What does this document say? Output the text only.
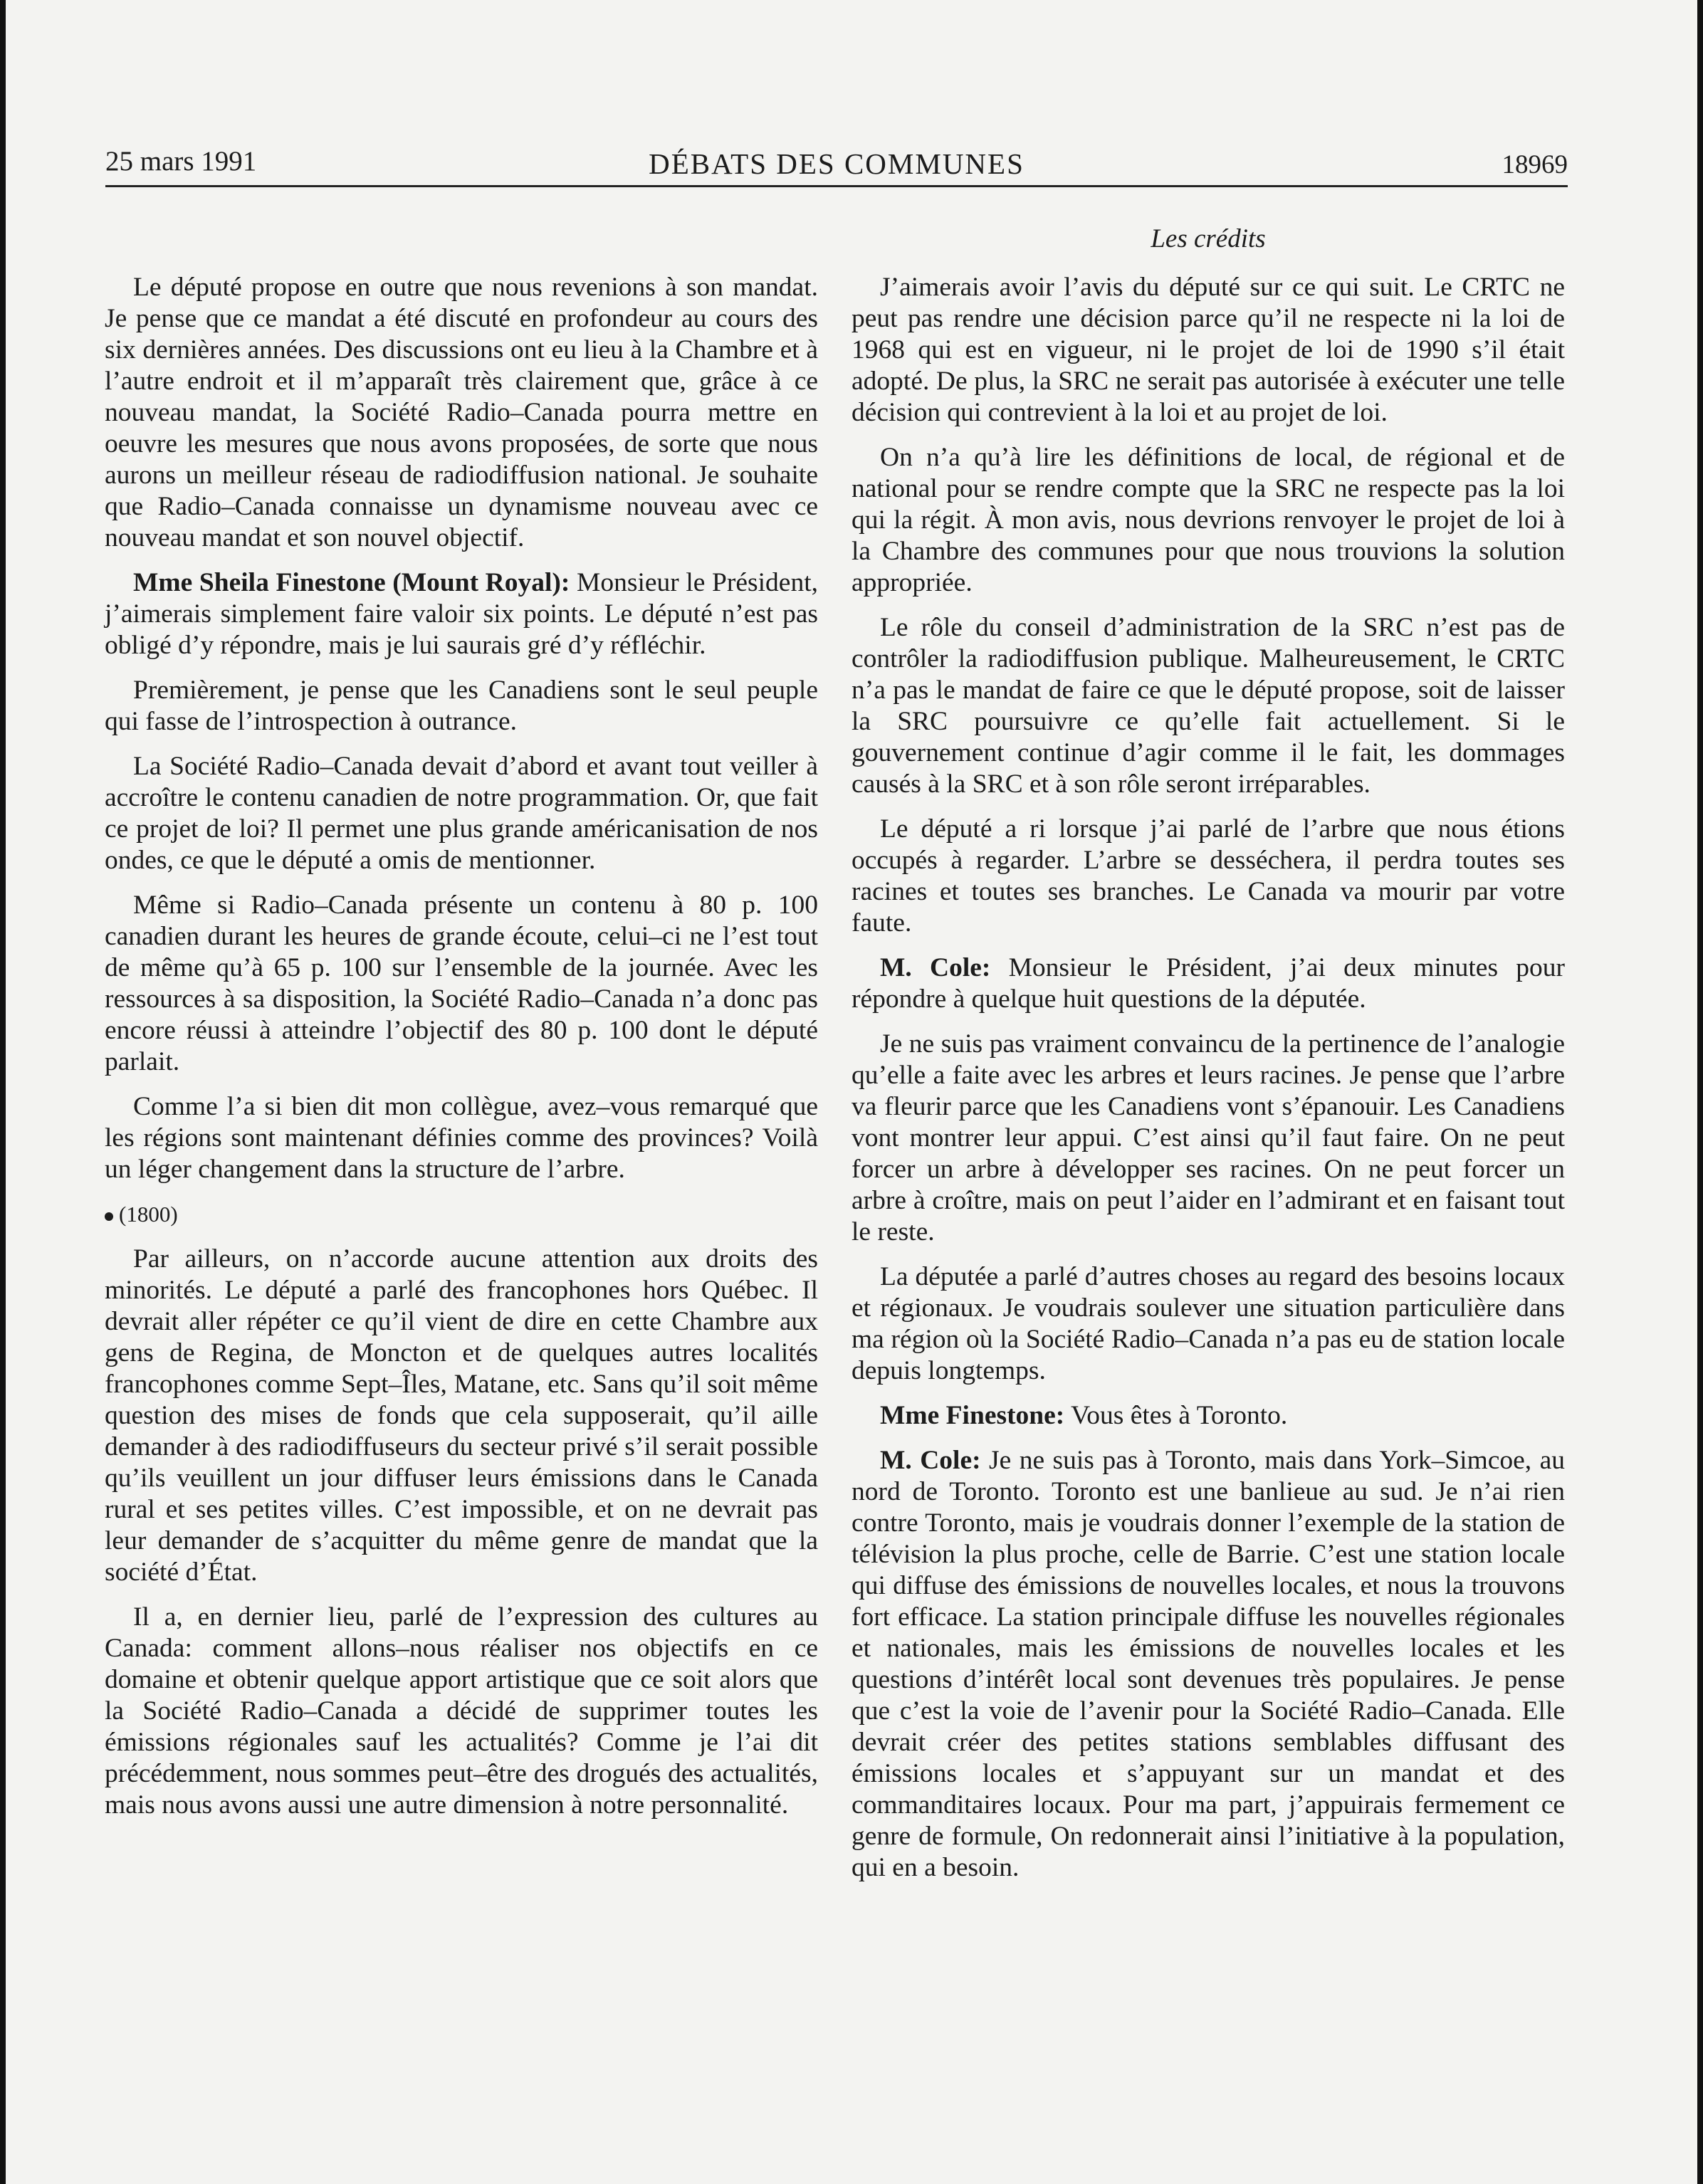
25 mars 1991	DÉBATS DES COMMUNES	18969
Les crédits

Le député propose en outre que nous revenions à son mandat. Je pense que ce mandat a été discuté en profondeur au cours des six dernières années. Des discussions ont eu lieu à la Chambre et à l’autre endroit et il m’apparaît très clairement que, grâce à ce nouveau mandat, la Société Radio–Canada pourra mettre en oeuvre les mesures que nous avons proposées, de sorte que nous aurons un meilleur réseau de radiodiffusion national. Je souhaite que Radio–Canada connaisse un dynamisme nouveau avec ce nouveau mandat et son nouvel objectif.

Mme Sheila Finestone (Mount Royal): Monsieur le Président, j’aimerais simplement faire valoir six points. Le député n’est pas obligé d’y répondre, mais je lui saurais gré d’y réfléchir.

Premièrement, je pense que les Canadiens sont le seul peuple qui fasse de l’introspection à outrance.

La Société Radio–Canada devait d’abord et avant tout veiller à accroître le contenu canadien de notre programmation. Or, que fait ce projet de loi? Il permet une plus grande américanisation de nos ondes, ce que le député a omis de mentionner.

Même si Radio–Canada présente un contenu à 80 p. 100 canadien durant les heures de grande écoute, celui–ci ne l’est tout de même qu’à 65 p. 100 sur l’ensemble de la journée. Avec les ressources à sa disposition, la Société Radio–Canada n’a donc pas encore réussi à atteindre l’objectif des 80 p. 100 dont le député parlait.

Comme l’a si bien dit mon collègue, avez–vous remarqué que les régions sont maintenant définies comme des provinces? Voilà un léger changement dans la structure de l’arbre.

(1800)

Par ailleurs, on n’accorde aucune attention aux droits des minorités. Le député a parlé des francophones hors Québec. Il devrait aller répéter ce qu’il vient de dire en cette Chambre aux gens de Regina, de Moncton et de quelques autres localités francophones comme Sept–Îles, Matane, etc. Sans qu’il soit même question des mises de fonds que cela supposerait, qu’il aille demander à des radiodiffuseurs du secteur privé s’il serait possible qu’ils veuillent un jour diffuser leurs émissions dans le Canada rural et ses petites villes. C’est impossible, et on ne devrait pas leur demander de s’acquitter du même genre de mandat que la société d’État.

Il a, en dernier lieu, parlé de l’expression des cultures au Canada: comment allons–nous réaliser nos objectifs en ce domaine et obtenir quelque apport artistique que ce soit alors que la Société Radio–Canada a décidé de supprimer toutes les émissions régionales sauf les actualités? Comme je l’ai dit précédemment, nous sommes peut–être des drogués des actualités, mais nous avons aussi une autre dimension à notre personnalité.

J’aimerais avoir l’avis du député sur ce qui suit. Le CRTC ne peut pas rendre une décision parce qu’il ne respecte ni la loi de 1968 qui est en vigueur, ni le projet de loi de 1990 s’il était adopté. De plus, la SRC ne serait pas autorisée à exécuter une telle décision qui contrevient à la loi et au projet de loi.

On n’a qu’à lire les définitions de local, de régional et de national pour se rendre compte que la SRC ne respecte pas la loi qui la régit. À mon avis, nous devrions renvoyer le projet de loi à la Chambre des communes pour que nous trouvions la solution appropriée.

Le rôle du conseil d’administration de la SRC n’est pas de contrôler la radiodiffusion publique. Malheureusement, le CRTC n’a pas le mandat de faire ce que le député propose, soit de laisser la SRC poursuivre ce qu’elle fait actuellement. Si le gouvernement continue d’agir comme il le fait, les dommages causés à la SRC et à son rôle seront irréparables.

Le député a ri lorsque j’ai parlé de l’arbre que nous étions occupés à regarder. L’arbre se desséchera, il perdra toutes ses racines et toutes ses branches. Le Canada va mourir par votre faute.

M. Cole: Monsieur le Président, j’ai deux minutes pour répondre à quelque huit questions de la députée.

Je ne suis pas vraiment convaincu de la pertinence de l’analogie qu’elle a faite avec les arbres et leurs racines. Je pense que l’arbre va fleurir parce que les Canadiens vont s’épanouir. Les Canadiens vont montrer leur appui. C’est ainsi qu’il faut faire. On ne peut forcer un arbre à développer ses racines. On ne peut forcer un arbre à croître, mais on peut l’aider en l’admirant et en faisant tout le reste.

La députée a parlé d’autres choses au regard des besoins locaux et régionaux. Je voudrais soulever une situation particulière dans ma région où la Société Radio–Canada n’a pas eu de station locale depuis longtemps.

Mme Finestone: Vous êtes à Toronto.

M. Cole: Je ne suis pas à Toronto, mais dans York–Simcoe, au nord de Toronto. Toronto est une banlieue au sud. Je n’ai rien contre Toronto, mais je voudrais donner l’exemple de la station de télévision la plus proche, celle de Barrie. C’est une station locale qui diffuse des émissions de nouvelles locales, et nous la trouvons fort efficace. La station principale diffuse les nouvelles régionales et nationales, mais les émissions de nouvelles locales et les questions d’intérêt local sont devenues très populaires. Je pense que c’est la voie de l’avenir pour la Société Radio–Canada. Elle devrait créer des petites stations semblables diffusant des émissions locales et s’appuyant sur un mandat et des commanditaires locaux. Pour ma part, j’appuirais fermement ce genre de formule, On redonnerait ainsi l’initiative à la population, qui en a besoin.
